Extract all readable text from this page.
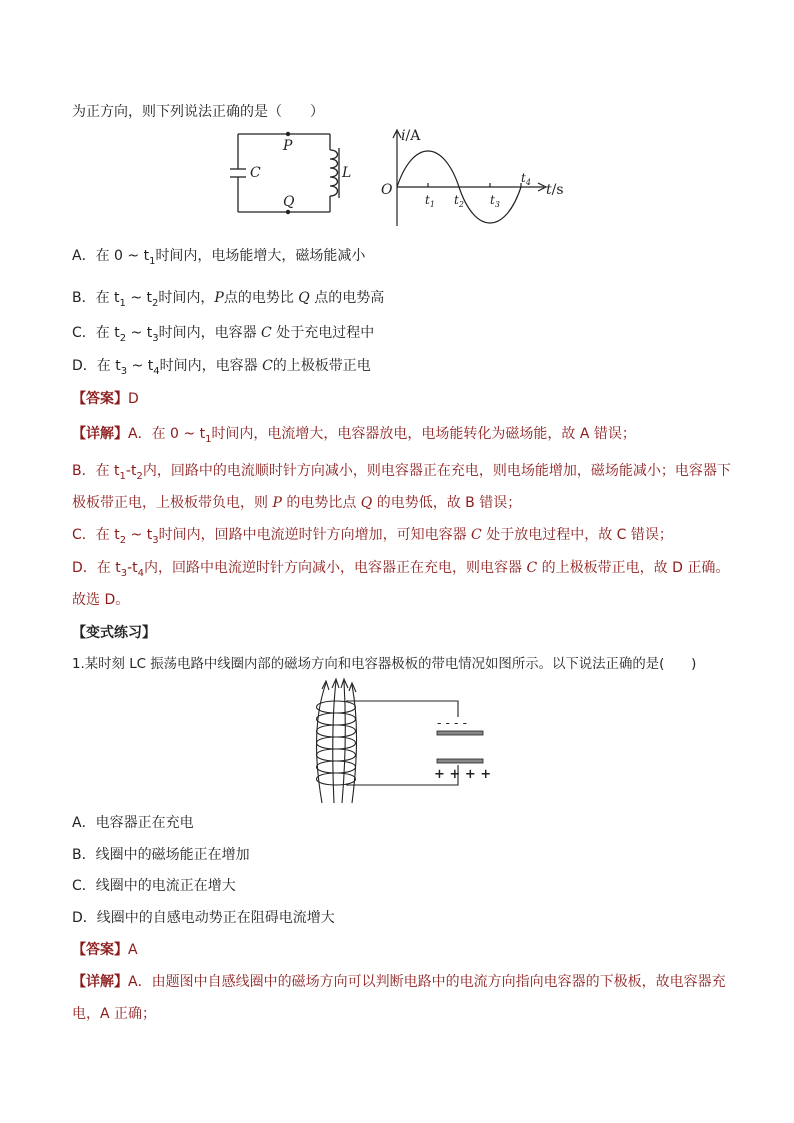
为正方向，则下列说法正确的是（　　）
C	L
P
Q
i/A
t/s
O
$t_1$ $t_2$ $t_3$
$t_4$
A．在 0 ~ $t_1$时间内，电场能增大，磁场能减小
B．在 $t_1$ ~ $t_2$时间内，P点的电势比 Q 点的电势高
C．在 $t_2$ ~ $t_3$时间内，电容器 C 处于充电过程中
D．在 $t_3$ ~ $t_4$时间内，电容器 C的上极板带正电
【答案】D
【详解】A．在 0 ~ $t_1$时间内，电流增大，电容器放电，电场能转化为磁场能，故 A 错误；
B．在 $t_1-t_2$内，回路中的电流顺时针方向减小，则电容器正在充电，则电场能增加，磁场能减小；电容器下
极板带正电，上极板带负电，则 P 的电势比点 Q 的电势低，故 B 错误；
C．在 $t_2$ ~ $t_3$时间内，回路中电流逆时针方向增加，可知电容器 C 处于放电过程中，故 C 错误；
D．在 $t_3-t_4$内，回路中电流逆时针方向减小，电容器正在充电，则电容器 C 的上极板带正电，故 D 正确。
故选 D。
【变式练习】
1.某时刻 LC 振荡电路中线圈内部的磁场方向和电容器极板的带电情况如图所示。以下说法正确的是(　　)
- - - -
+ + + +
A．电容器正在充电
B．线圈中的磁场能正在增加
C．线圈中的电流正在增大
D．线圈中的自感电动势正在阻碍电流增大
【答案】A
【详解】A．由题图中自感线圈中的磁场方向可以判断电路中的电流方向指向电容器的下极板，故电容器充
电，A 正确；
